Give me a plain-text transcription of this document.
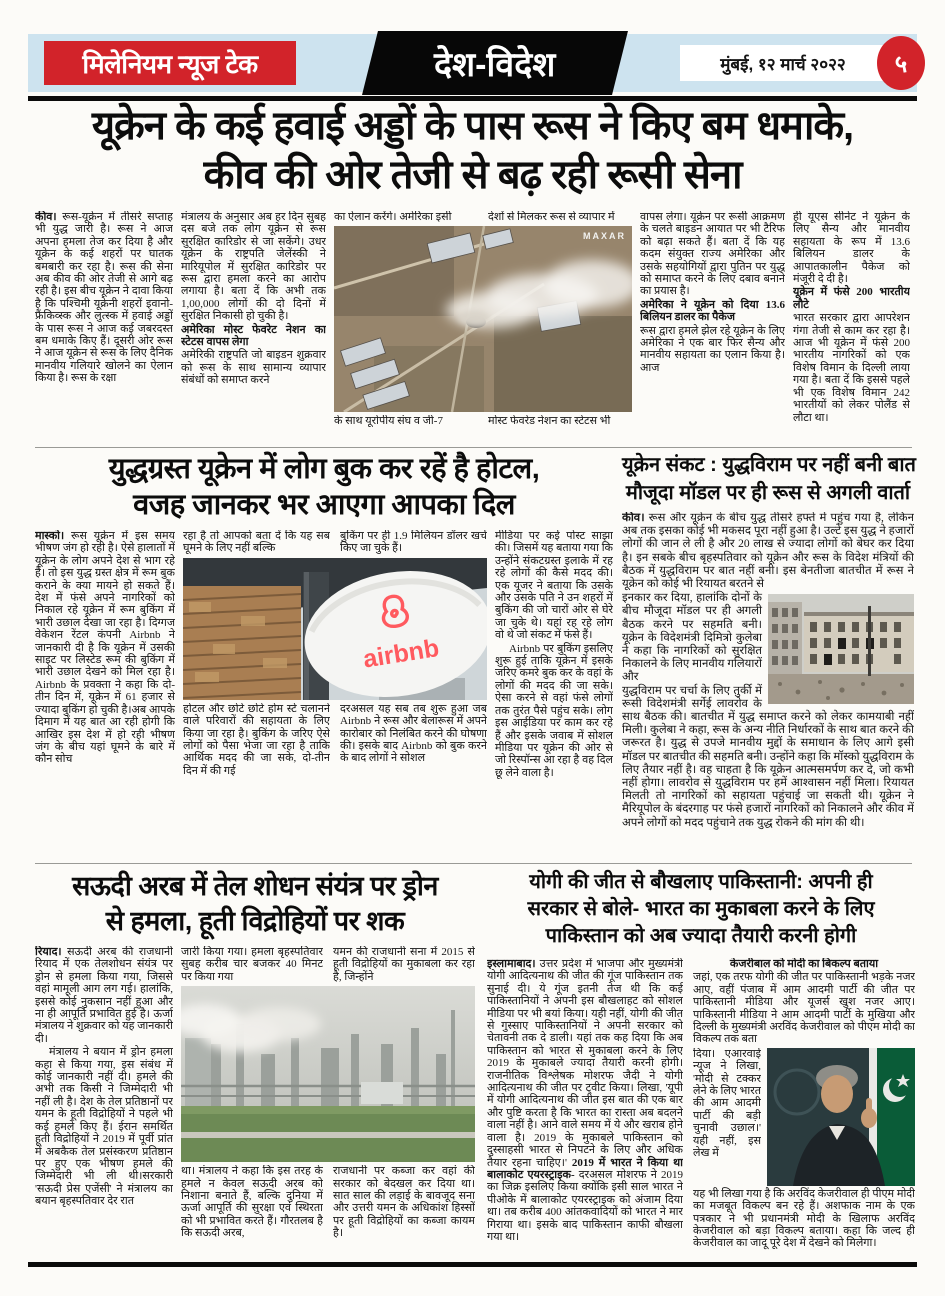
मिलेनियम न्यूज टेक	देश-विदेश	मुंबई, १२ मार्च २०२२ ५
यूक्रेन के कई हवाई अड्डों के पास रूस ने किए बम धमाके,
कीव की ओर तेजी से बढ़ रही रूसी सेना

कीव। रूस-यूक्रेन में तीसरे सप्ताह भी युद्ध जारी है। रूस ने आज अपना हमला तेज कर दिया है और यूक्रेन के कई शहरों पर घातक बमबारी कर रहा है। रूस की सेना अब कीव की ओर तेजी से आगे बढ़ रही है। इस बीच यूक्रेन ने दावा किया है कि पश्चिमी यूक्रेनी शहरों इवानो-फ्रैंकिव्स्क और लुत्स्क में हवाई अड्डों के पास रूस ने आज कई जबरदस्त बम धमाके किए हैं। दूसरी ओर रूस ने आज यूक्रेन से रूस के लिए दैनिक मानवीय गलियारे खोलने का ऐलान किया है। रूस के रक्षा

मंत्रालय के अनुसार अब हर दिन सुबह दस बजे तक लोग यूक्रेन से रूस सुरक्षित कारिडोर से जा सकेंगे। उधर यूक्रेन के राष्ट्रपति जेलेंस्की ने मारियूपोल में सुरक्षित कारिडोर पर रूस द्वारा हमला करने का आरोप लगाया है। बता दें कि अभी तक 1,00,000 लोगों की दो दिनों में सुरक्षित निकासी हो चुकी है।

अमेरिका मोस्ट फेवरेट नेशन का स्टेटस वापस लेगा

अमेरिकी राष्ट्रपति जो बाइडन शुक्रवार को रूस के साथ सामान्य व्यापार संबंधों को समाप्त करने

का ऐलान करेंगे। अमेरिका इसी	देशों से मिलकर रूस से व्यापार में
MAXAR
के साथ यूरोपीय संघ व जी-7	मोस्ट फेवरेड नेशन का स्टेटस भी

वापस लेगा। यूक्रेन पर रूसी आक्रमण के चलते बाइडन आयात पर भी टैरिफ को बढ़ा सकते हैं। बता दें कि यह कदम संयुक्त राज्य अमेरिका और उसके सहयोगियों द्वारा पुतिन पर युद्ध को समाप्त करने के लिए दबाव बनाने का प्रयास है।

अमेरिका ने यूक्रेन को दिया 13.6 बिलियन डालर का पैकेज

रूस द्वारा हमले झेल रहे यूक्रेन के लिए अमेरिका ने एक बार फिर सैन्य और मानवीय सहायता का एलान किया है। आज

ही यूएस सीनेट ने यूक्रेन के लिए सैन्य और मानवीय सहायता के रूप में 13.6 बिलियन डालर के आपातकालीन पैकेज को मंजूरी दे दी है।

यूक्रेन में फंसे 200 भारतीय लौटे

भारत सरकार द्वारा आपरेशन गंगा तेजी से काम कर रहा है। आज भी यूक्रेन में फंसे 200 भारतीय नागरिकों को एक विशेष विमान के दिल्ली लाया गया है। बता दें कि इससे पहले भी एक विशेष विमान 242 भारतीयों को लेकर पोलैंड से लौटा था।

युद्धग्रस्त यूक्रेन में लोग बुक कर रहें है होटल,
वजह जानकर भर आएगा आपका दिल

मास्को। रूस यूक्रेन में इस समय भीषण जंग हो रही है। ऐसे हालातों में यूक्रेन के लोग अपने देश से भाग रहे हैं। तो इस युद्ध ग्रस्त क्षेत्र में रूम बुक कराने के क्या मायने हो सकते हैं। देश में फंसे अपने नागरिकों को निकाल रहे यूक्रेन में रूम बुकिंग में भारी उछाल देखा जा रहा है। दिग्गज वेकेशन रेंटल कंपनी Airbnb ने जानकारी दी है कि यूक्रेन में उसकी साइट पर लिस्टेड रूम की बुकिंग में भारी उछाल देखने को मिल रहा है। Airbnb के प्रवक्ता ने कहा कि दो-तीन दिन में, यूक्रेन में 61 हजार से ज्यादा बुकिंग हो चुकी है।अब आपके दिमाग में यह बात आ रही होगी कि आखिर इस देश में हो रही भीषण जंग के बीच यहां घूमने के बारे में कौन सोच

रहा है तो आपको बता दें कि यह सब घूमने के लिए नहीं बल्कि
बुकिंग पर ही 1.9 मिलियन डॉलर खर्च किए जा चुके हैं।
airbnb
होटल और छोटे छोटे होम स्टे चलानने वाले परिवारों की सहायता के लिए किया जा रहा है। बुकिंग के जरिए ऐसे लोगों को पैसा भेजा जा रहा है ताकि आर्थिक मदद की जा सके, दो-तीन दिन में की गई
दरअसल यह सब तब शुरू हुआ जब Airbnb ने रूस और बेलारूस में अपने कारोबार को निलंबित करने की घोषणा की। इसके बाद Airbnb को बुक करने के बाद लोगों ने सोशल

मीडिया पर कई पोस्ट साझा की। जिसमें यह बताया गया कि उन्होंने संकटग्रस्त इलाके में रह रहे लोगों की कैसे मदद की। एक यूजर ने बताया कि उसके और उसके पति ने उन शहरों में बुकिंग की जो चारों ओर से घेरे जा चुके थे। यहां रह रहे लोग वो थे जो संकट में फंसे हैं।

Airbnb पर बुकिंग इसलिए शुरू हुई ताकि यूक्रेन में इसके जरिए कमरे बुक कर के वहां के लोगों की मदद की जा सके। ऐसा करने से वहां फंसे लोगों तक तुरंत पैसे पहुंच सके। लोग इस आईडिया पर काम कर रहे हैं और इसके जवाब में सोशल मीडिया पर यूक्रेन की ओर से जो रिस्पॉन्स आ रहा है वह दिल छू लेने वाला है।

यूक्रेन संकट : युद्धविराम पर नहीं बनी बात
मौजूदा मॉडल पर ही रूस से अगली वार्ता

कीव। रूस और यूक्रेन के बीच युद्ध तीसरे हफ्ते में पहुंच गया है, लेकिन अब तक इसका कोई भी मकसद पूरा नहीं हुआ है। उल्टे इस युद्ध ने हजारों लोगों की जान ले ली है और 20 लाख से ज्यादा लोगों को बेघर कर दिया है। इन सबके बीच बृहस्पतिवार को यूक्रेन और रूस के विदेश मंत्रियों की बैठक में युद्धविराम पर बात नहीं बनी। इस बेनतीजा बातचीत में रूस ने यूक्रेन को कोई भी रियायत बरतने से

इनकार कर दिया, हालांकि दोनों के बीच मौजूदा मॉडल पर ही अगली बैठक करने पर सहमति बनी। यूक्रेन के विदेशमंत्री दिमित्रो कुलेबा ने कहा कि नागरिकों को सुरक्षित निकालने के लिए मानवीय गलियारों और

युद्धविराम पर चर्चा के लिए तुर्की में रूसी विदेशमंत्री सर्गेई लावरोव के साथ बैठक की। बातचीत में युद्ध समाप्त करने को लेकर कामयाबी नहीं मिली। कुलेबा ने कहा, रूस के अन्य नीति निर्धारकों के साथ बात करने की जरूरत है। युद्ध से उपजे मानवीय मुद्दों के समाधान के लिए आगे इसी मॉडल पर बातचीत की सहमति बनी। उन्होंने कहा कि मॉस्को युद्धविराम के लिए तैयार नहीं है। वह चाहता है कि यूक्रेन आत्मसमर्पण कर दे, जो कभी नहीं होगा। लावरोव से युद्धविराम पर हमें आश्वासन नहीं मिला। रियायत मिलती तो नागरिकों को सहायता पहुंचाई जा सकती थी। यूक्रेन ने मैरियूपोल के बंदरगाह पर फंसे हजारों नागरिकों को निकालने और कीव में अपने लोगों को मदद पहुंचाने तक युद्ध रोकने की मांग की थी।

सऊदी अरब में तेल शोधन संयंत्र पर ड्रोन
से हमला, हूती विद्रोहियों पर शक

रियाद। सऊदी अरब की राजधानी रियाद में एक तेलशोधन संयंत्र पर ड्रोन से हमला किया गया, जिससे वहां मामूली आग लग गई। हालांकि, इससे कोई नुकसान नहीं हुआ और ना ही आपूर्ति प्रभावित हुई है। ऊर्जा मंत्रालय ने शुक्रवार को यह जानकारी दी।

मंत्रालय ने बयान में ड्रोन हमला कहा से किया गया, इस संबंध में कोई जानकारी नहीं दी। हमले की अभी तक किसी ने जिम्मेदारी भी नहीं ली है। देश के तेल प्रतिष्ठानों पर यमन के हूती विद्रोहियों ने पहले भी कई हमले किए हैं। ईरान समर्थित हूती विद्रोहियों ने 2019 में पूर्वी प्रांत में अबकैक तेल प्रसंस्करण प्रतिष्ठान पर हुए एक भीषण हमले की जिम्मेदारी भी ली थी।सरकारी 'सऊदी प्रेस एजेंसी' ने मंत्रालय का बयान बृहस्पतिवार देर रात

जारी किया गया। हमला बृहस्पतिवार सुबह करीब चार बजकर 40 मिनट पर किया गया
यमन की राजधानी सना में 2015 से हूती विद्रोहियों का मुकाबला कर रहा है, जिन्होंने
था। मंत्रालय ने कहा कि इस तरह के हमले न केवल सऊदी अरब को निशाना बनाते हैं, बल्कि दुनिया में ऊर्जा आपूर्ति की सुरक्षा एवं स्थिरता को भी प्रभावित करते हैं। गौरतलब है कि सऊदी अरब,
राजधानी पर कब्जा कर वहां की सरकार को बेदखल कर दिया था। सात साल की लड़ाई के बावजूद सना और उत्तरी यमन के अधिकांश हिस्सों पर हूती विद्रोहियों का कब्जा कायम है।
योगी की जीत से बौखलाए पाकिस्तानी: अपनी ही
सरकार से बोले- भारत का मुकाबला करने के लिए
पाकिस्तान को अब ज्यादा तैयारी करनी होगी

इस्लामाबाद। उत्तर प्रदेश में भाजपा और मुख्यमंत्री योगी आदित्यनाथ की जीत की गूंज पाकिस्तान तक सुनाई दी। ये गूंज इतनी तेज थी कि कई पाकिस्तानियों ने अपनी इस बौखलाहट को सोशल मीडिया पर भी बयां किया। यही नहीं, योगी की जीत से गुस्साए पाकिस्तानियों ने अपनी सरकार को चेतावनी तक दे डाली। यहां तक कह दिया कि अब पाकिस्तान को भारत से मुकाबला करने के लिए 2019 के मुकाबले ज्यादा तैयारी करनी होगी। राजनीतिक विश्लेषक मोशरफ जैदी ने योगी आदित्यनाथ की जीत पर ट्वीट किया। लिखा, 'यूपी में योगी आदित्यनाथ की जीत इस बात की एक बार और पुष्टि करता है कि भारत का रास्ता अब बदलने वाला नहीं है। आने वाले समय में ये और खराब होने वाला है। 2019 के मुकाबले पाकिस्तान को दुस्साहसी भारत से निपटने के लिए और अधिक तैयार रहना चाहिए।' 2019 में भारत ने किया था बालाकोट एयरस्ट्राइक- दरअसल मोशरफ ने 2019 का जिक्र इसलिए किया क्योंकि इसी साल भारत ने पीओके में बालाकोट एयरस्ट्राइक को अंजाम दिया था। तब करीब 400 आंतकवादियों को भारत ने मार गिराया था। इसके बाद पाकिस्तान काफी बौखला गया था।

केजरीबाल को मोदी का बिकल्प बताया

जहां, एक तरफ योगी की जीत पर पाकिस्तानी भड़के नजर आए, वहीं पंजाब में आम आदमी पार्टी की जीत पर पाकिस्तानी मीडिया और यूजर्स खुश नजर आए। पाकिस्तानी मीडिया ने आम आदमी पार्टी के मुखिया और दिल्ली के मुख्यमंत्री अरविंद केजरीवाल को पीएम मोदी का विकल्प तक बता

दिया। एआरवाई न्यूज ने लिखा, 'मोदी से टक्कर लेने के लिए भारत की आम आदमी पार्टी की बड़ी चुनावी उछाल।' यही नहीं, इस लेख में

यह भी लिखा गया है कि अरविंद केजरीवाल ही पीएम मोदी का मजबूत विकल्प बन रहे हैं। अशफाक नाम के एक पत्रकार ने भी प्रधानमंत्री मोदी के खिलाफ अरविंद केजरीवाल को बड़ा विकल्प बताया। कहा कि जल्द ही केजरीवाल का जादू पूरे देश में देखने को मिलेगा।
